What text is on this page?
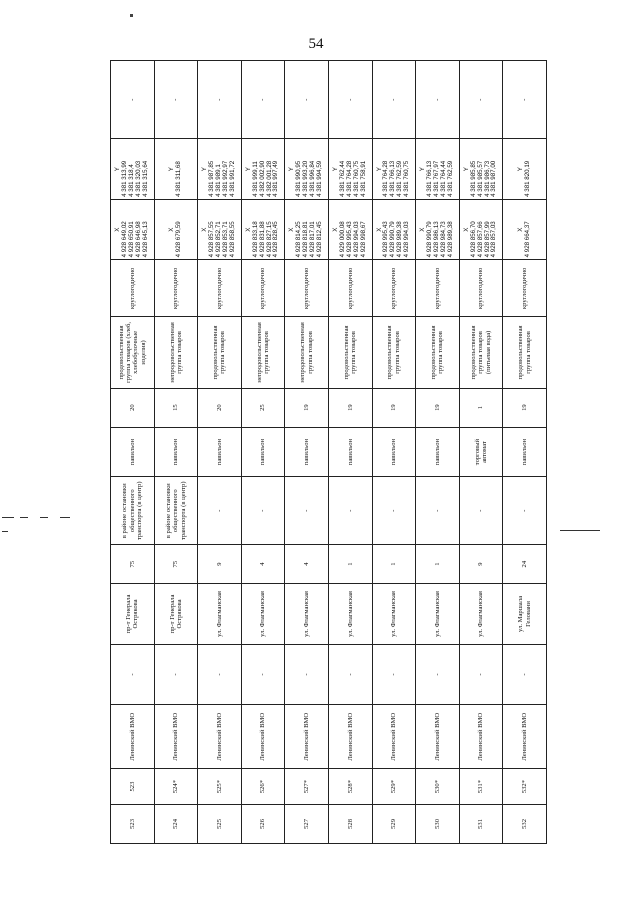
54
523	523	Ленинский ВМО	-	пр-т Генерала Острякова	75	в районе остановки общественного транспорта (в центр)	павильон	20	продовольственная группа товаров (хлеб, хлебобулочные изделия)	круглогодично	X 4 928 649,02 4 928 650,91 4 928 646,98 4 928 645,13	Y 4 381 313,99 4 381 318,4 4 381 320,03 4 381 315,64	-
524	524*	Ленинский ВМО	-	пр-т Генерала Острякова	75	в районе остановки общественного транспорта (в центр)	павильон	15	непродовольственная группа товаров	круглогодично	X 4 928 679,59	Y 4 381 311,68	-
525	525*	Ленинский ВМО	-	ул. Флагманская	9	-	павильон	20	продовольственная группа товаров	круглогодично	X 4 928 857,55 4 928 852,71 4 928 853,71 4 928 858,55	Y 4 381 987,85 4 381 989,1 4 381 992,97 4 381 991,72	-
526	526*	Ленинский ВМО	-	ул. Флагманская	4	-	павильон	25	непродовольственная группа товаров	круглогодично	X 4 928 833,18 4 928 831,88 4 928 827,15 4 928 828,45	Y 4 381 999,11 4 382 002,90 4 382 001,28 4 381 997,49	-
527	527*	Ленинский ВМО	-	ул. Флагманская	4	-	павильон	19	непродовольственная группа товаров	круглогодично	X 4 928 814,25 4 928 818,81 4 928 817,01 4 928 812,45	Y 4 381 990,95 4 381 993,20 4 381 996,84 4 381 994,59	-
528	528*	Ленинский ВМО	-	ул. Флагманская	1	-	павильон	19	продовольственная группа товаров	круглогодично	X 4 929 000,08 4 928 995,43 4 928 994,03 4 928 998,67	Y 4 381 762,44 4 381 764,28 4 381 760,75 4 381 758,91	-
529	529*	Ленинский ВМО	-	ул. Флагманская	1	-	павильон	19	продовольственная группа товаров	круглогодично	X 4 928 995,43 4 928 990,79 4 928 989,38 4 928 994,03	Y 4 381 764,28 4 381 766,13 4 381 762,59 4 381 760,75	-
530	530*	Ленинский ВМО	-	ул. Флагманская	1	-	павильон	19	продовольственная группа товаров	круглогодично	X 4 928 990,79 4 928 986,13 4 928 984,73 4 928 989,38	Y 4 381 766,13 4 381 767,97 4 381 764,44 4 381 762,59	-
531	531*	Ленинский ВМО	-	ул. Флагманская	9	-	торговый автомат	1	продовольственная группа товаров (питьевая вода)	круглогодично	X 4 928 856,70 4 928 857,66 4 928 857,99 4 928 857,03	Y 4 381 985,85 4 381 985,57 4 381 986,73 4 381 987,00	-
532	532*	Ленинский ВМО	-	ул. Маршала Геловани	24	-	павильон	19	продовольственная группа товаров	круглогодично	X 4 928 664,37	Y 4 381 820,19	-
